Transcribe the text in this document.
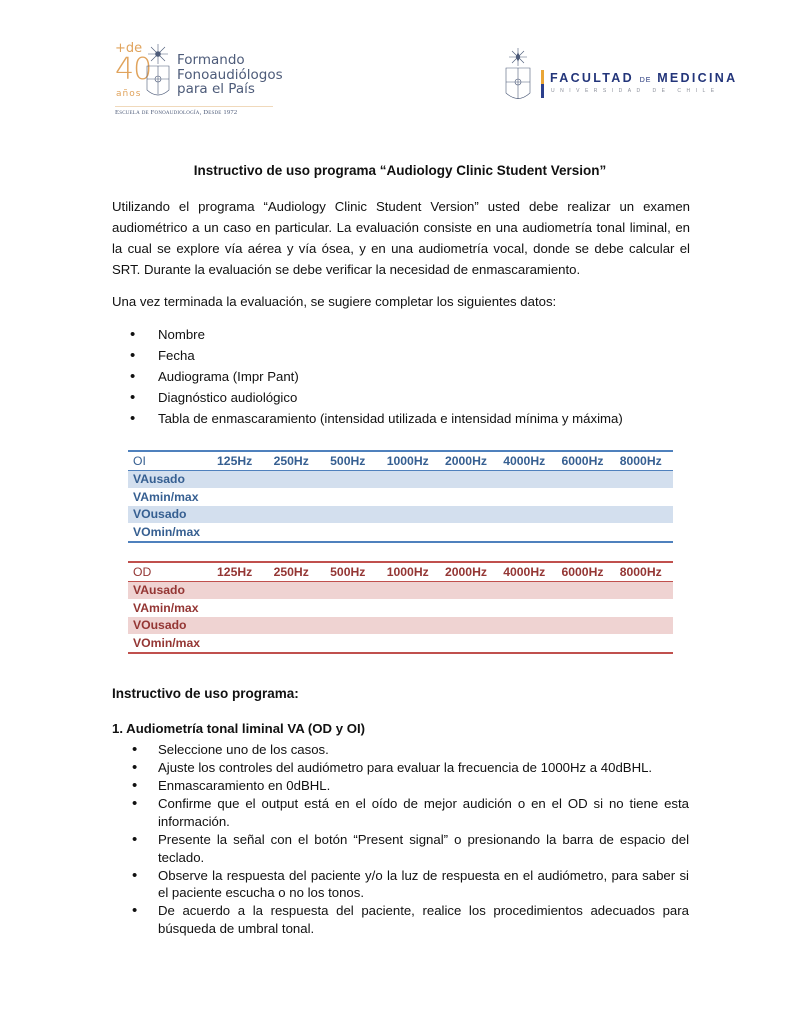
+de
40
años
Formando
Fonoaudiólogos
para el País
Escuela de Fonoaudiología, Desde 1972
FACULTAD DE MEDICINA
UNIVERSIDAD DE CHILE
Instructivo de uso programa “Audiology Clinic Student Version”
Utilizando el programa “Audiology Clinic Student Version” usted debe realizar un examen audiométrico a un caso en particular. La evaluación consiste en una audiometría tonal liminal, en la cual se explore vía aérea y vía ósea, y en una audiometría vocal, donde se debe calcular el SRT. Durante la evaluación se debe verificar la necesidad de enmascaramiento.
Una vez terminada la evaluación, se sugiere completar los siguientes datos:
• Nombre
• Fecha
• Audiograma (Impr Pant)
• Diagnóstico audiológico
• Tabla de enmascaramiento (intensidad utilizada e intensidad mínima y máxima)
OI	125Hz	250Hz	500Hz	1000Hz	2000Hz	4000Hz	6000Hz	8000Hz
VAusado								
VAmin/max								
VOusado								
VOmin/max								
OD	125Hz	250Hz	500Hz	1000Hz	2000Hz	4000Hz	6000Hz	8000Hz
VAusado								
VAmin/max								
VOusado								
VOmin/max								
Instructivo de uso programa:
1. Audiometría tonal liminal VA (OD y OI)
• Seleccione uno de los casos.
• Ajuste los controles del audiómetro para evaluar la frecuencia de 1000Hz a 40dBHL.
• Enmascaramiento en 0dBHL.
• Confirme que el output está en el oído de mejor audición o en el OD si no tiene esta información.
• Presente la señal con el botón “Present signal” o presionando la barra de espacio del teclado.
• Observe la respuesta del paciente y/o la luz de respuesta en el audiómetro, para saber si el paciente escucha o no los tonos.
• De acuerdo a la respuesta del paciente, realice los procedimientos adecuados para búsqueda de umbral tonal.
